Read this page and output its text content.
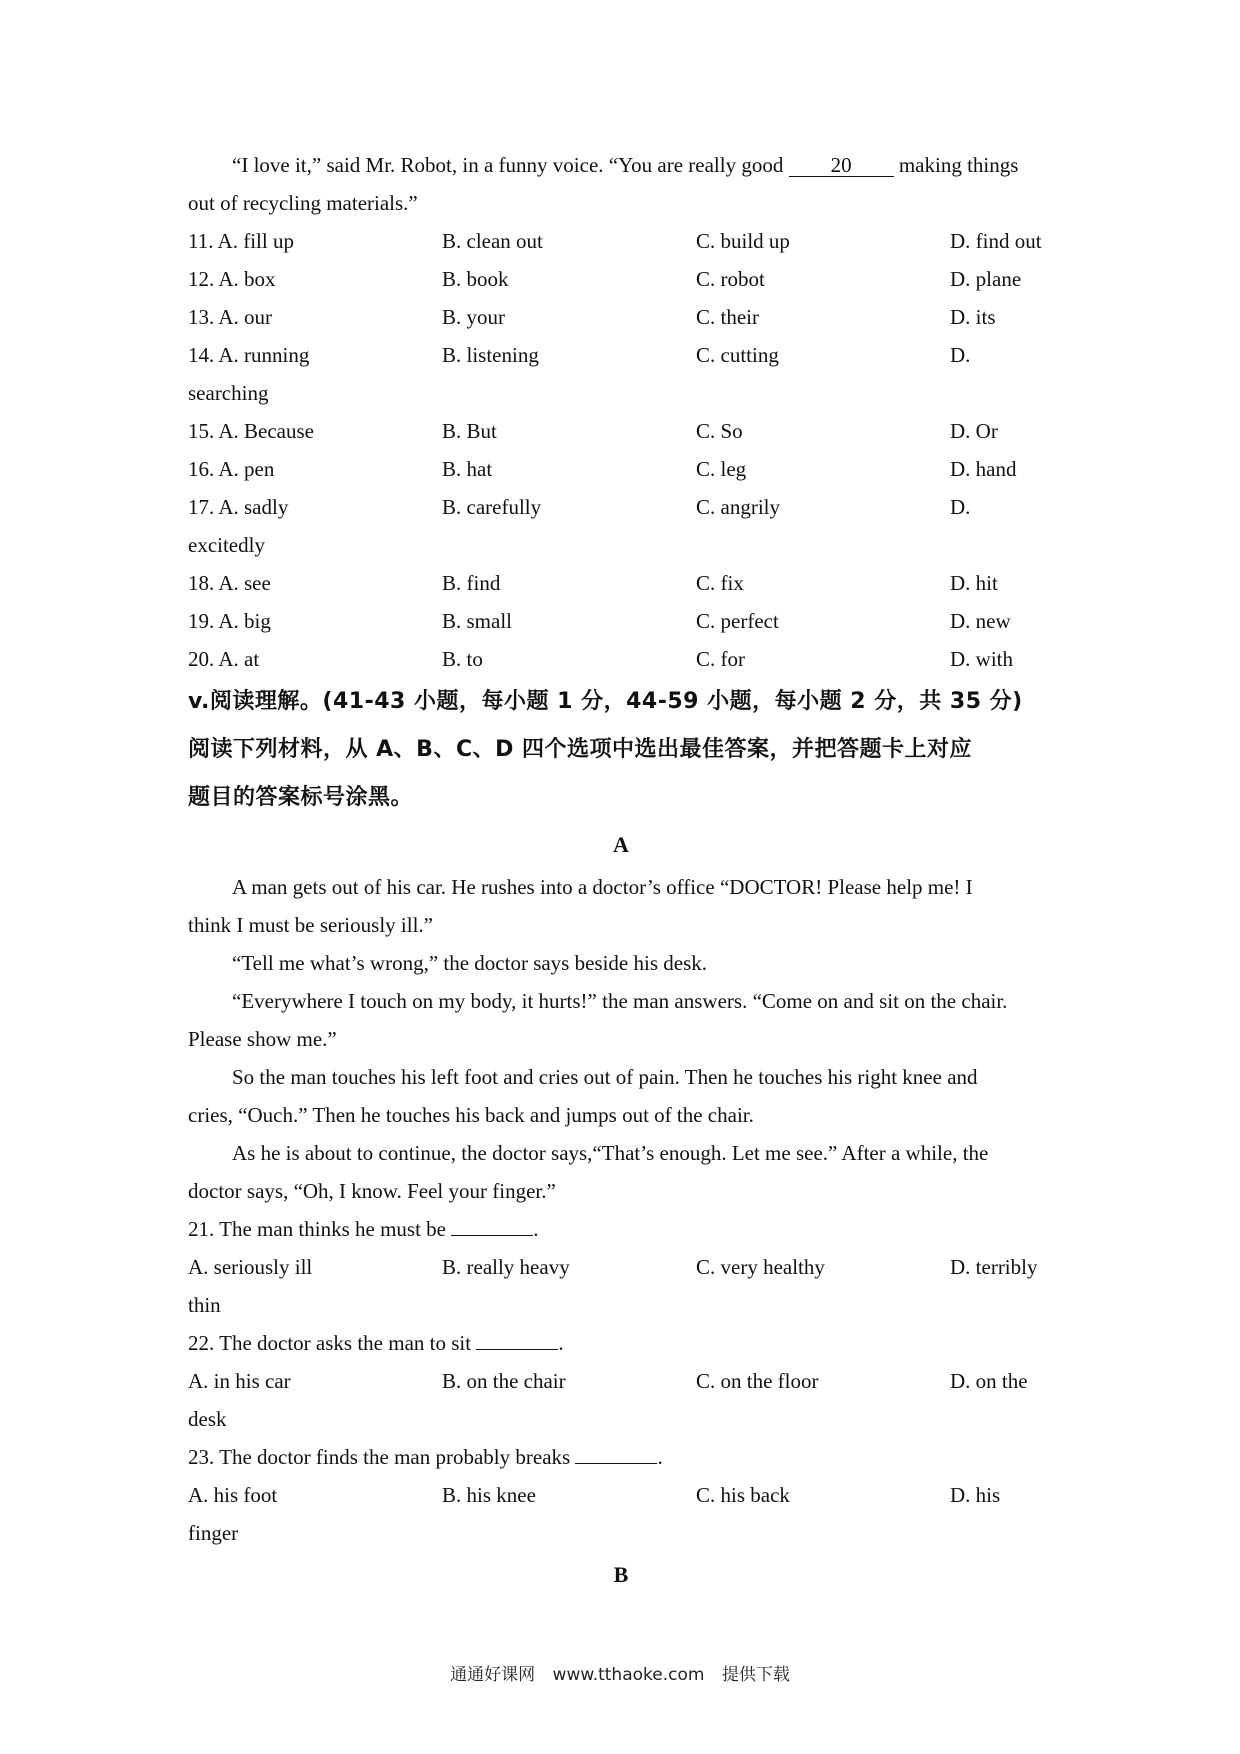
“I love it,” said Mr. Robot, in a funny voice. “You are really good 20 making things
out of recycling materials.”
11. A. fill up	B. clean out	C. build up	D. find out
12. A. box	B. book	C. robot	D. plane
13. A. our	B. your	C. their	D. its
14. A. running	B. listening	C. cutting	D.
searching
15. A. Because	B. But	C. So	D. Or
16. A. pen	B. hat	C. leg	D. hand
17. A. sadly	B. carefully	C. angrily	D.
excitedly
18. A. see	B. find	C. fix	D. hit
19. A. big	B. small	C. perfect	D. new
20. A. at	B. to	C. for	D. with
v.阅读理解。(41-43 小题，每小题 1 分，44-59 小题，每小题 2 分，共 35 分)
阅读下列材料，从 A、B、C、D 四个选项中选出最佳答案，并把答题卡上对应
题目的答案标号涂黑。
A
A man gets out of his car. He rushes into a doctor’s office “DOCTOR! Please help me! I
think I must be seriously ill.”
“Tell me what’s wrong,” the doctor says beside his desk.
“Everywhere I touch on my body, it hurts!” the man answers. “Come on and sit on the chair.
Please show me.”
So the man touches his left foot and cries out of pain. Then he touches his right knee and
cries, “Ouch.” Then he touches his back and jumps out of the chair.
As he is about to continue, the doctor says,“That’s enough. Let me see.” After a while, the
doctor says, “Oh, I know. Feel your finger.”
21. The man thinks he must be	.
A. seriously ill	B. really heavy	C. very healthy	D. terribly
thin
22. The doctor asks the man to sit	.
A. in his car	B. on the chair	C. on the floor	D. on the
desk
23. The doctor finds the man probably breaks	.
A. his foot	B. his knee	C. his back	D. his
finger
B
通通好课网 www.tthaoke.com 提供下载
